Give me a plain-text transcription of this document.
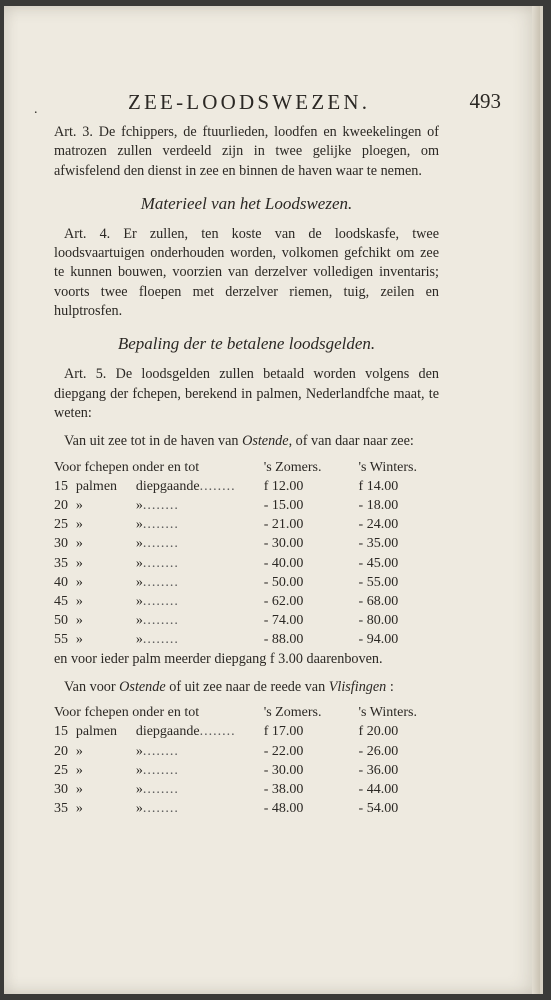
.	ZEE-LOODSWEZEN.	493

Art. 3. De fchippers, de ftuurlieden, loodfen en kweekelingen of matrozen zullen verdeeld zijn in twee gelijke ploegen, om afwisfelend den dienst in zee en binnen de haven waar te nemen.

Materieel van het Loodswezen.

Art. 4. Er zullen, ten koste van de loodskasfe, twee loodsvaartuigen onderhouden worden, volkomen gefchikt om zee te kunnen bouwen, voorzien van derzelver volledigen inventaris; voorts twee floepen met derzelver riemen, tuig, zeilen en hulptrosfen.

Bepaling der te betalene loodsgelden.

Art. 5. De loodsgelden zullen betaald worden volgens den diepgang der fchepen, berekend in palmen, Nederlandfche maat, te weten:

Van uit zee tot in de haven van Ostende, of van daar naar zee:

Voor fchepen onder en tot		's Zomers.	's Winters.
15	palmen diepgaande........	f 12.00	f 14.00
20	» »........	- 15.00	- 18.00
25	» »........	- 21.00	- 24.00
30	» »........	- 30.00	- 35.00
35	» »........	- 40.00	- 45.00
40	» »........	- 50.00	- 55.00
45	» »........	- 62.00	- 68.00
50	» »........	- 74.00	- 80.00
55	» »........	- 88.00	- 94.00

en voor ieder palm meerder diepgang f 3.00 daarenboven.

Van voor Ostende of uit zee naar de reede van Vlisfingen :

Voor fchepen onder en tot		's Zomers.	's Winters.
15	palmen diepgaande........	f 17.00	f 20.00
20	» »........	- 22.00	- 26.00
25	» »........	- 30.00	- 36.00
30	» »........	- 38.00	- 44.00
35	» »........	- 48.00	- 54.00
